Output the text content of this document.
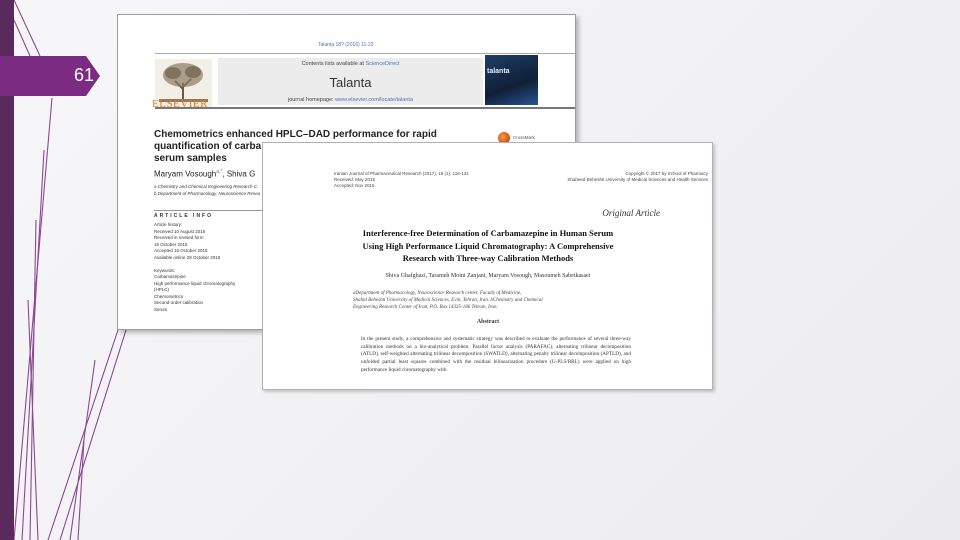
61
Talanta 18? (2016) 11-23
ELSEVIER
Contents lists available at ScienceDirect
Talanta
journal homepage: www.elsevier.com/locate/talanta
talanta
CrossMark
Chemometrics enhanced HPLC–DAD performance for rapid
quantification of carba
serum samples
Maryam Vosough$^{a,*}$, Shiva G
a Chemistry and Chemical Engineering Research C
b Department of Pharmacology, Neuroscience Resea
ARTICLE INFO
Article history:
Received 10 August 2015
Received in revised form
15 October 2015
Accepted 16 October 2015
Available online 28 October 2015

Keywords:
Carbamazepine
High performance liquid chromatography
(HPLC)
Chemometrics
Second-order calibration
Serum
Iranian Journal of Pharmaceutical Research (2017), 16 (1): 116-131
Received: May 2015
Accepted: Nov 2015
Copyright © 2017 by School of Pharmacy
Shaheed Beheshti University of Medical Sciences and Health Services
Original Article
Interference-free Determination of Carbamazepine in Human Serum
Using High Performance Liquid Chromatography: A Comprehensive
Research with Three-way Calibration Methods
Shiva Ghafghazi, Tarameh Moini Zanjani, Maryam Vosough, Masoumeh Sabetkasaei
aDepartment of Pharmacology, Neuroscience Research center, Faculty of Medicine,
Shahid Beheshti University of Medical Sciences, Evin, Tehran, Iran. bChemistry and Chemical
Engineering Research Center of Iran, P.O. Box 14335-186 Tehran, Iran.
Abstract
In the present study, a comprehensive and systematic strategy was described to evaluate the performance of several three-way calibration methods on a bio-analytical problem. Parallel factor analysis (PARAFAC), alternating trilinear decomposition (ATLD), self-weighted alternating trilinear decomposition (SWATLD), alternating penalty trilinear decomposition (APTLD), and unfolded partial least squares combined with the residual bilinearization procedure (U-PLS/RBL) were applied on high performance liquid chromatography with
